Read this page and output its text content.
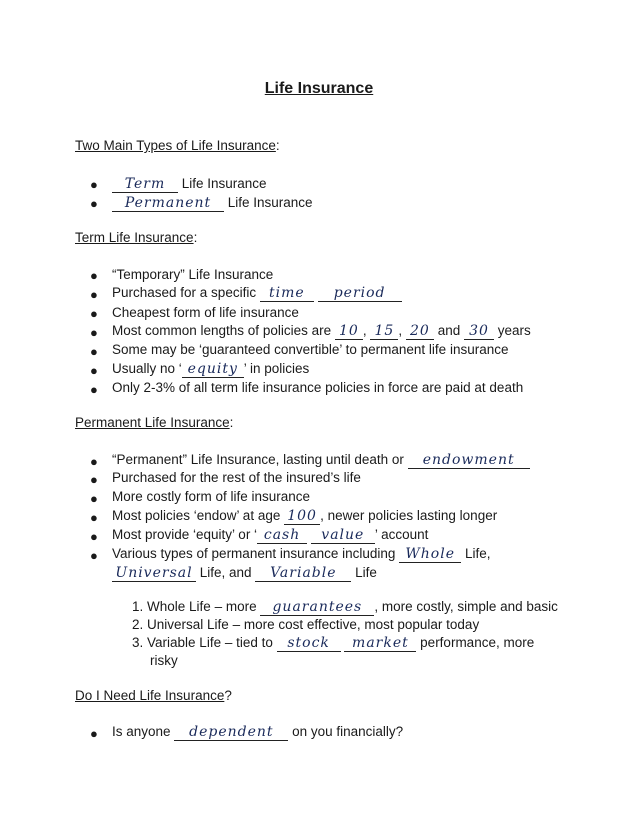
Life Insurance
Two Main Types of Life Insurance:
●	Term Life Insurance
●	Permanent Life Insurance
Term Life Insurance:
● “Temporary” Life Insurance
● Purchased for a specific time period
● Cheapest form of life insurance
● Most common lengths of policies are 10 , 15 , 20 and 30 years
● Some may be ‘guaranteed convertible’ to permanent life insurance
● Usually no ‘ equity ’ in policies
● Only 2-3% of all term life insurance policies in force are paid at death
Permanent Life Insurance:
● “Permanent” Life Insurance, lasting until death or endowment
● Purchased for the rest of the insured’s life
● More costly form of life insurance
● Most policies ‘endow’ at age 100 , newer policies lasting longer
● Most provide ‘equity’ or ‘ cash value ’ account
● Various types of permanent insurance including Whole Life,
Universal Life, and Variable Life
1. Whole Life – more guarantees , more costly, simple and basic
2. Universal Life – more cost effective, most popular today
3. Variable Life – tied to stock market performance, more
risky
Do I Need Life Insurance?
● Is anyone dependent on you financially?
